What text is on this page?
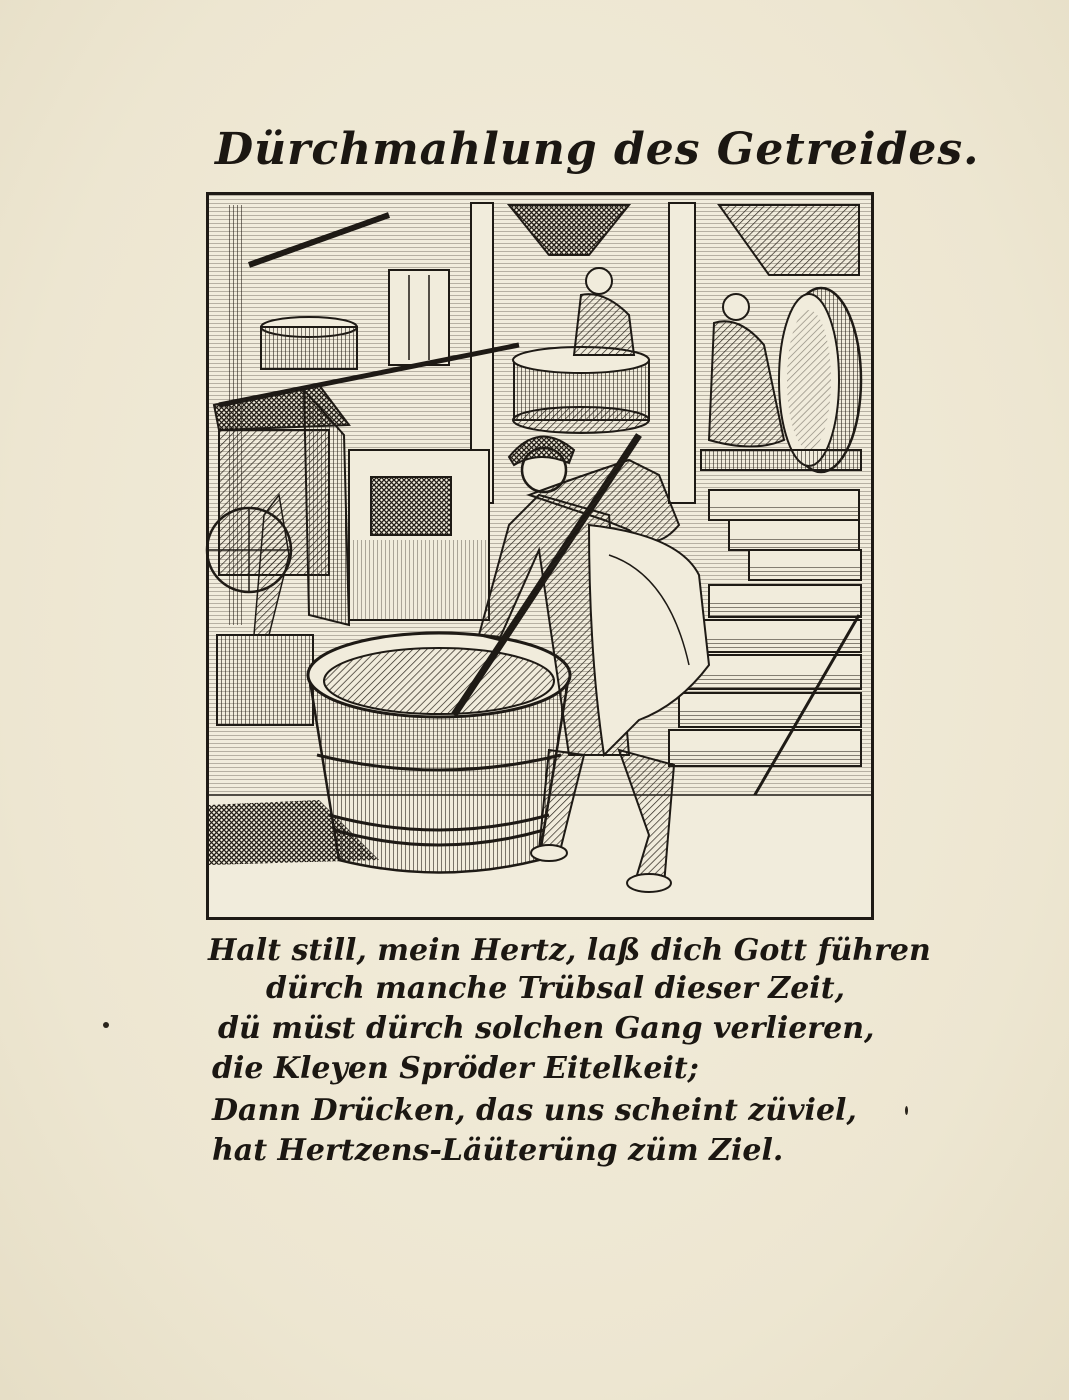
Dürchmahlung des Getreides.
Halt still, mein Hertz, laß dich Gott führen
dürch manche Trübsal dieser Zeit,
dü müst dürch solchen Gang verlieren,
die Kleyen Spröder Eitelkeit;
Dann Drücken, das uns scheint züviel,
hat Hertzens-Läüterüng züm Ziel.
